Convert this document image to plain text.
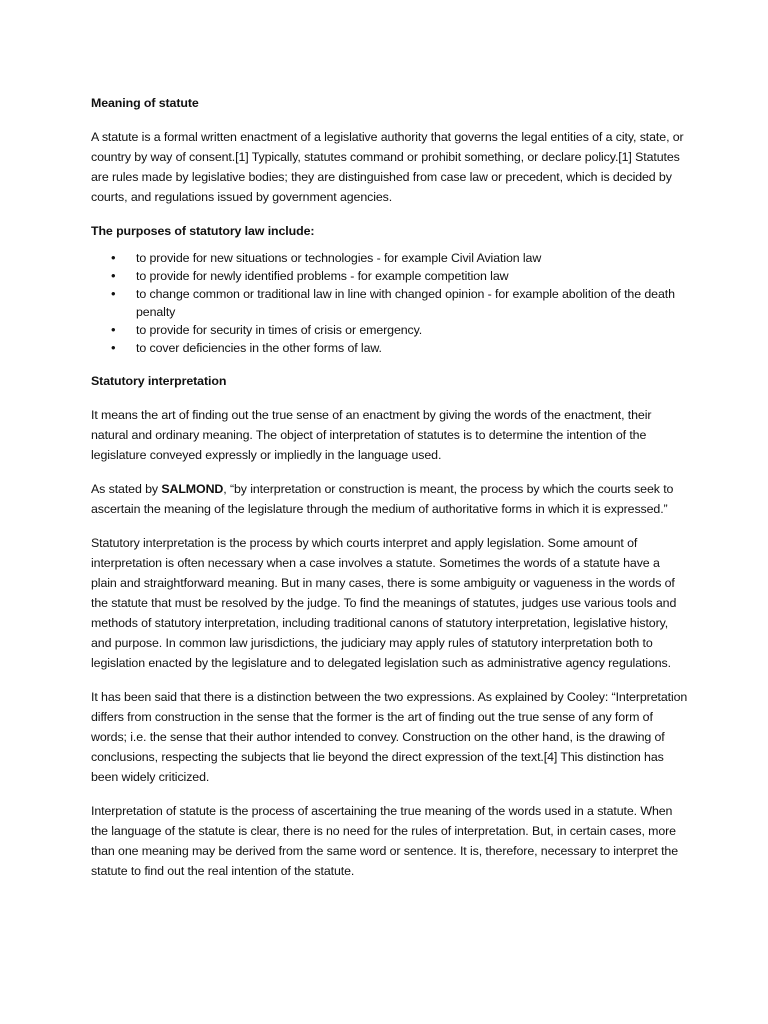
Meaning of statute

A statute is a formal written enactment of a legislative authority that governs the legal entities of a city, state, or country by way of consent.[1] Typically, statutes command or prohibit something, or declare policy.[1] Statutes are rules made by legislative bodies; they are distinguished from case law or precedent, which is decided by courts, and regulations issued by government agencies.

The purposes of statutory law include:
• to provide for new situations or technologies - for example Civil Aviation law
• to provide for newly identified problems - for example competition law
• to change common or traditional law in line with changed opinion - for example abolition of the death penalty
• to provide for security in times of crisis or emergency.
• to cover deficiencies in the other forms of law.
Statutory interpretation

It means the art of finding out the true sense of an enactment by giving the words of the enactment, their natural and ordinary meaning. The object of interpretation of statutes is to determine the intention of the legislature conveyed expressly or impliedly in the language used.

As stated by SALMOND, “by interpretation or construction is meant, the process by which the courts seek to ascertain the meaning of the legislature through the medium of authoritative forms in which it is expressed.”

Statutory interpretation is the process by which courts interpret and apply legislation. Some amount of interpretation is often necessary when a case involves a statute. Sometimes the words of a statute have a plain and straightforward meaning. But in many cases, there is some ambiguity or vagueness in the words of the statute that must be resolved by the judge. To find the meanings of statutes, judges use various tools and methods of statutory interpretation, including traditional canons of statutory interpretation, legislative history, and purpose. In common law jurisdictions, the judiciary may apply rules of statutory interpretation both to legislation enacted by the legislature and to delegated legislation such as administrative agency regulations.

It has been said that there is a distinction between the two expressions. As explained by Cooley: “Interpretation differs from construction in the sense that the former is the art of finding out the true sense of any form of words; i.e. the sense that their author intended to convey. Construction on the other hand, is the drawing of conclusions, respecting the subjects that lie beyond the direct expression of the text.[4] This distinction has been widely criticized.

Interpretation of statute is the process of ascertaining the true meaning of the words used in a statute. When the language of the statute is clear, there is no need for the rules of interpretation. But, in certain cases, more than one meaning may be derived from the same word or sentence. It is, therefore, necessary to interpret the statute to find out the real intention of the statute.
